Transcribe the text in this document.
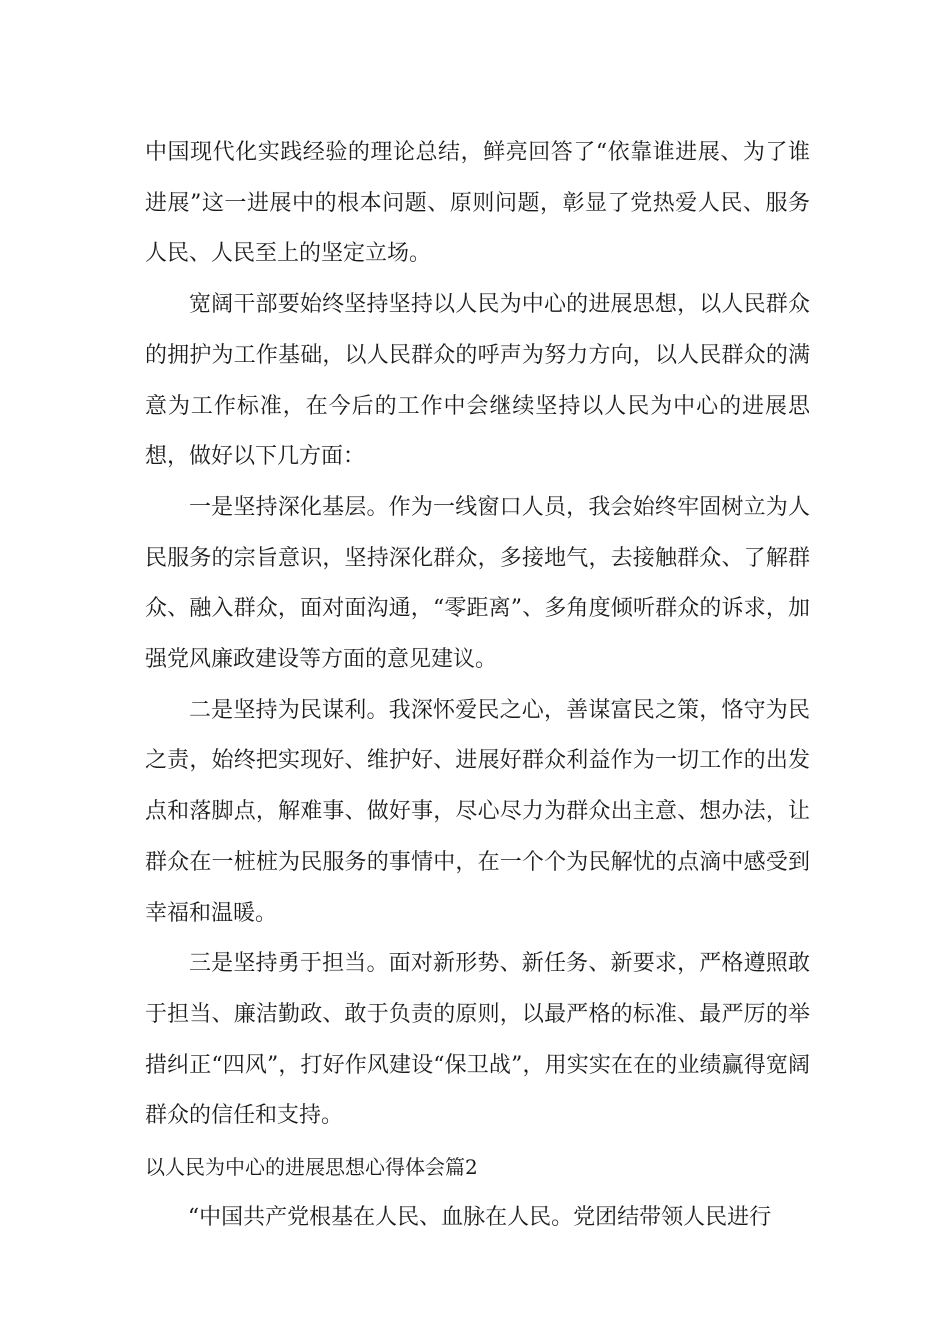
中国现代化实践经验的理论总结，鲜亮回答了“依靠谁进展、为了谁进展”这一进展中的根本问题、原则问题，彰显了党热爱人民、服务人民、人民至上的坚定立场。

宽阔干部要始终坚持坚持以人民为中心的进展思想，以人民群众的拥护为工作基础，以人民群众的呼声为努力方向，以人民群众的满意为工作标准，在今后的工作中会继续坚持以人民为中心的进展思想，做好以下几方面：

一是坚持深化基层。作为一线窗口人员，我会始终牢固树立为人民服务的宗旨意识，坚持深化群众，多接地气，去接触群众、了解群众、融入群众，面对面沟通，“零距离”、多角度倾听群众的诉求，加强党风廉政建设等方面的意见建议。

二是坚持为民谋利。我深怀爱民之心，善谋富民之策，恪守为民之责，始终把实现好、维护好、进展好群众利益作为一切工作的出发点和落脚点，解难事、做好事，尽心尽力为群众出主意、想办法，让群众在一桩桩为民服务的事情中，在一个个为民解忧的点滴中感受到幸福和温暖。

三是坚持勇于担当。面对新形势、新任务、新要求，严格遵照敢于担当、廉洁勤政、敢于负责的原则，以最严格的标准、最严厉的举措纠正“四风”，打好作风建设“保卫战”，用实实在在的业绩赢得宽阔群众的信任和支持。

以人民为中心的进展思想心得体会篇2

“中国共产党根基在人民、血脉在人民。党团结带领人民进行
